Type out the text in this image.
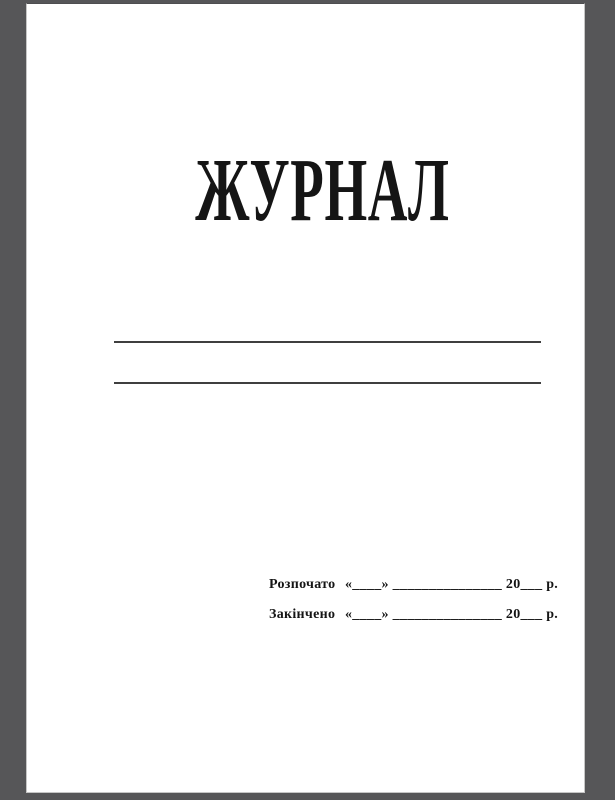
ЖУРНАЛ
Розпочато «____» _______________ 20___ р.
Закінчено «____» _______________ 20___ р.
